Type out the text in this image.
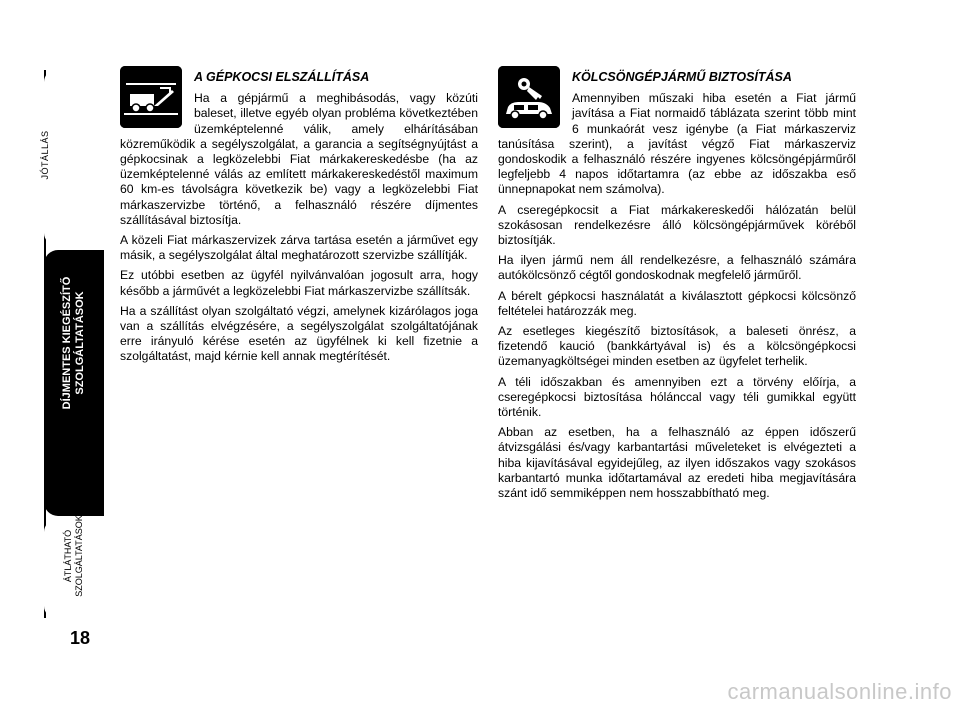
JÓTÁLLÁS
DÍJMENTES KIEGÉSZÍTŐ SZOLGÁLTATÁSOK
ÁTLÁTHATÓ SZOLGÁLTATÁSOK
18
A GÉPKOCSI ELSZÁLLÍTÁSA

Ha a gépjármű a meghibásodás, vagy közúti baleset, illetve egyéb olyan probléma következtében üzemképtelenné válik, amely elhárításában közreműködik a segélyszolgálat, a garancia a segítségnyújtást a gépkocsinak a legközelebbi Fiat márkakereskedésbe (ha az üzemképtelenné válás az említett márkakereskedéstől maximum 60 km-es távolságra következik be) vagy a legközelebbi Fiat márkaszervizbe történő, a felhasználó részére díjmentes szállításával biztosítja.

A közeli Fiat márkaszervizek zárva tartása esetén a járművet egy másik, a segélyszolgálat által meghatározott szervizbe szállítják.

Ez utóbbi esetben az ügyfél nyilvánvalóan jogosult arra, hogy később a járművét a legközelebbi Fiat márkaszervizbe szállítsák.

Ha a szállítást olyan szolgáltató végzi, amelynek kizárólagos joga van a szállítás elvégzésére, a segélyszolgálat szolgáltatójának erre irányuló kérése esetén az ügyfélnek ki kell fizetnie a szolgáltatást, majd kérnie kell annak megtérítését.

KÖLCSÖNGÉPJÁRMŰ BIZTOSÍTÁSA

Amennyiben műszaki hiba esetén a Fiat jármű javítása a Fiat normaidő táblázata szerint több mint 6 munkaórát vesz igénybe (a Fiat márkaszerviz tanúsítása szerint), a javítást végző Fiat márkaszerviz gondoskodik a felhasználó részére ingyenes kölcsöngépjárműről legfeljebb 4 napos időtartamra (az ebbe az időszakba eső ünnepnapokat nem számolva).

A cseregépkocsit a Fiat márkakereskedői hálózatán belül szokásosan rendelkezésre álló kölcsöngépjárművek köréből biztosítják.

Ha ilyen jármű nem áll rendelkezésre, a felhasználó számára autókölcsönző cégtől gondoskodnak megfelelő járműről.

A bérelt gépkocsi használatát a kiválasztott gépkocsi kölcsönző feltételei határozzák meg.

Az esetleges kiegészítő biztosítások, a baleseti önrész, a fizetendő kaució (bankkártyával is) és a kölcsöngépkocsi üzemanyagköltségei minden esetben az ügyfelet terhelik.

A téli időszakban és amennyiben ezt a törvény előírja, a cseregépkocsi biztosítása hólánccal vagy téli gumikkal együtt történik.

Abban az esetben, ha a felhasználó az éppen időszerű átvizsgálási és/vagy karbantartási műveleteket is elvégezteti a hiba kijavításával egyidejűleg, az ilyen időszakos vagy szokásos karbantartó munka időtartamával az eredeti hiba megjavítására szánt idő semmiképpen nem hosszabbítható meg.

carmanualsonline.info
